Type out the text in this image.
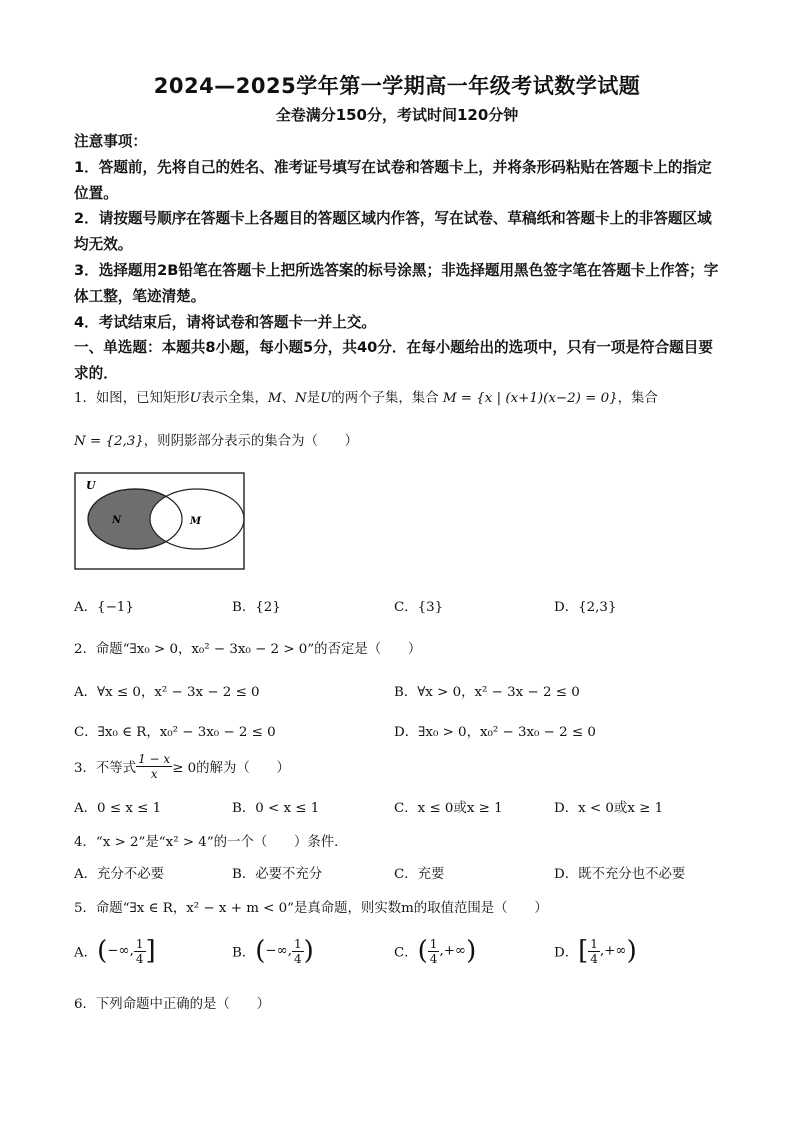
2024—2025学年第一学期高一年级考试数学试题
全卷满分150分，考试时间120分钟
注意事项：
1．答题前，先将自己的姓名、准考证号填写在试卷和答题卡上，并将条形码粘贴在答题卡上的指定位置。
2．请按题号顺序在答题卡上各题目的答题区域内作答，写在试卷、草稿纸和答题卡上的非答题区域均无效。
3．选择题用2B铅笔在答题卡上把所选答案的标号涂黑；非选择题用黑色签字笔在答题卡上作答；字体工整，笔迹清楚。
4．考试结束后，请将试卷和答题卡一并上交。
一、单选题：本题共8小题，每小题5分，共40分．在每小题给出的选项中，只有一项是符合题目要求的．
1．如图，已知矩形U表示全集，M、N是U的两个子集，集合 M = {x | (x+1)(x−2) = 0}，集合
N = {2,3}，则阴影部分表示的集合为（　　）
U
N	M
A．{−1}	B．{2}	C．{3}	D．{2,3}
2．命题“∃x₀ > 0，x₀² − 3x₀ − 2 > 0”的否定是（　　）
A．∀x ≤ 0，x² − 3x − 2 ≤ 0	B．∀x > 0，x² − 3x − 2 ≤ 0
C．∃x₀ ∈ R，x₀² − 3x₀ − 2 ≤ 0	D．∃x₀ > 0，x₀² − 3x₀ − 2 ≤ 0
3．不等式 $\frac{1 - x}{x} \ge 0$的解为（　　）
A．0 ≤ x ≤ 1	B．0 < x ≤ 1	C．x ≤ 0或x ≥ 1	D．x < 0或x ≥ 1
4．“x > 2”是“x² > 4”的一个（　　）条件．
A．充分不必要	B．必要不充分	C．充要	D．既不充分也不必要
5．命题“∃x ∈ R，x² − x + m < 0”是真命题，则实数m的取值范围是（　　）
A．(−∞, $\frac{1}{4}$ ]	B．(−∞, $\frac{1}{4}$ )	C．( $\frac{1}{4}$ ,+∞)	D．[ $\frac{1}{4}$ ,+∞)
6．下列命题中正确的是（　　）
